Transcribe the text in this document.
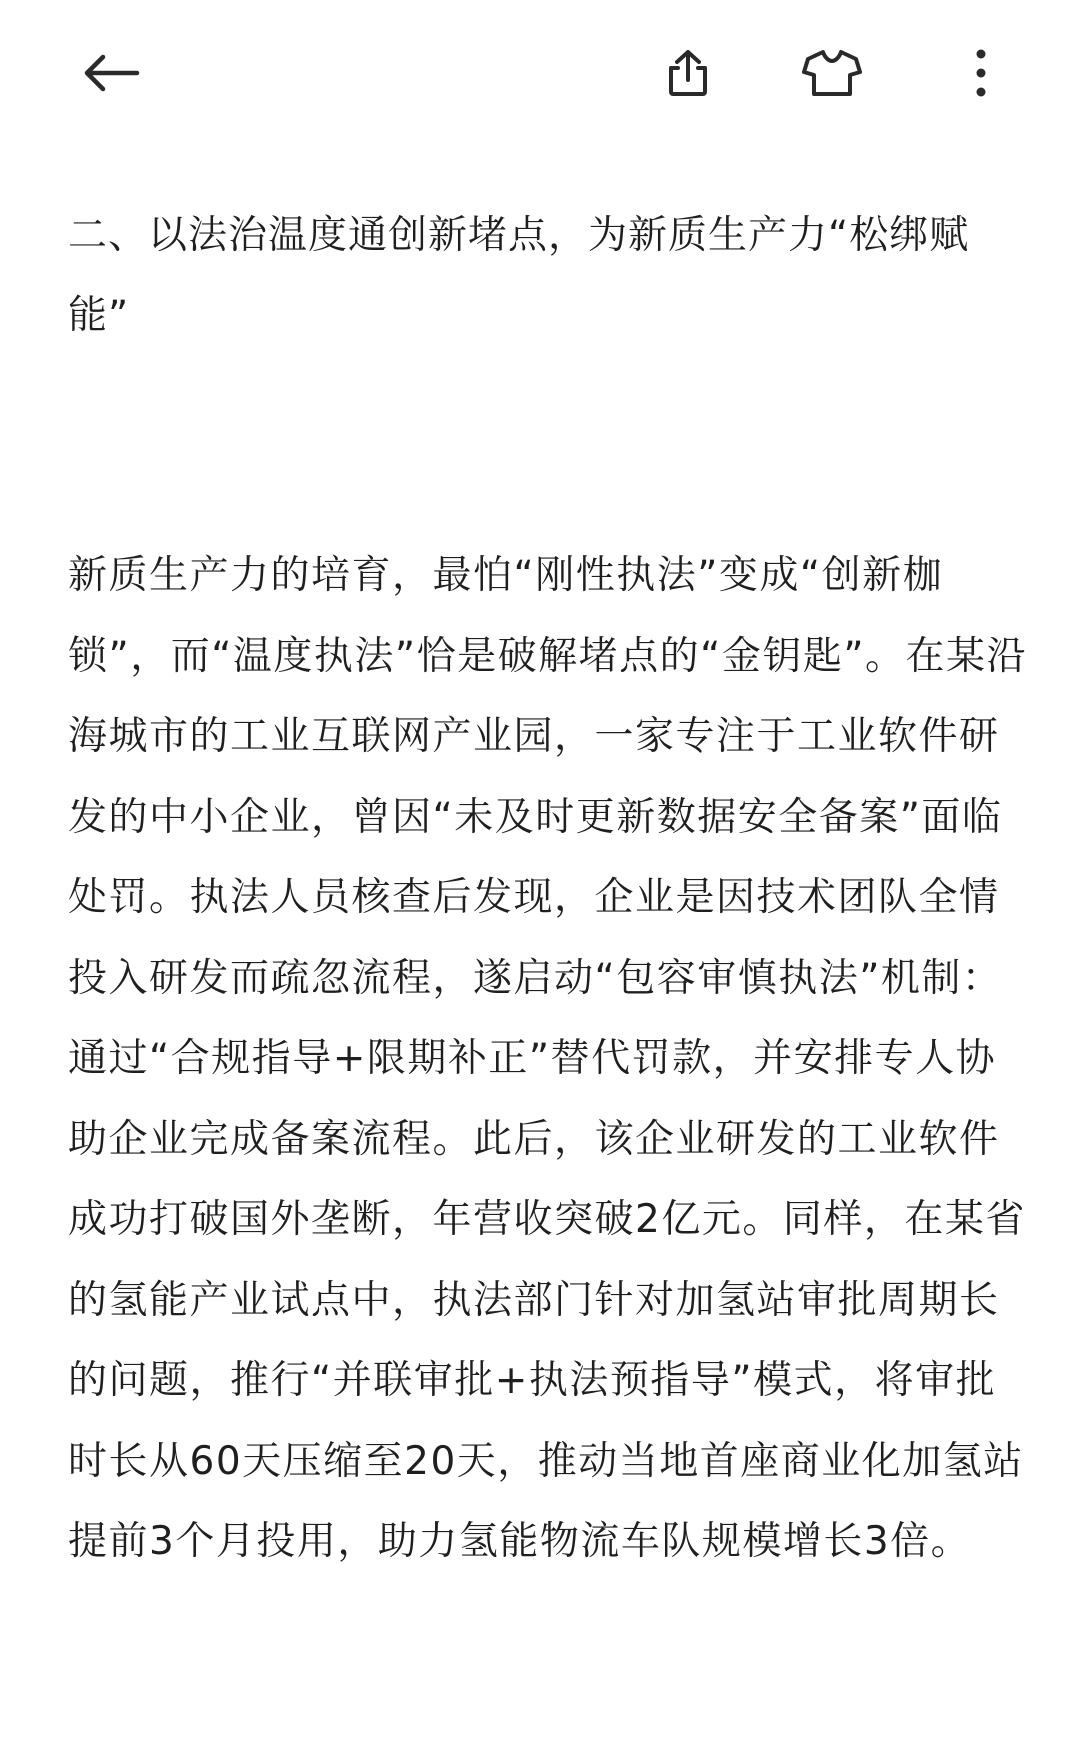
二、以法治温度通创新堵点，为新质生产力“松绑赋能”

新质生产力的培育，最怕“刚性执法”变成“创新枷锁”，而“温度执法”恰是破解堵点的“金钥匙”。在某沿海城市的工业互联网产业园，一家专注于工业软件研发的中小企业，曾因“未及时更新数据安全备案”面临处罚。执法人员核查后发现，企业是因技术团队全情投入研发而疏忽流程，遂启动“包容审慎执法”机制：通过“合规指导+限期补正”替代罚款，并安排专人协助企业完成备案流程。此后，该企业研发的工业软件成功打破国外垄断，年营收突破2亿元。同样，在某省的氢能产业试点中，执法部门针对加氢站审批周期长的问题，推行“并联审批+执法预指导”模式，将审批时长从60天压缩至20天，推动当地首座商业化加氢站提前3个月投用，助力氢能物流车队规模增长3倍。
